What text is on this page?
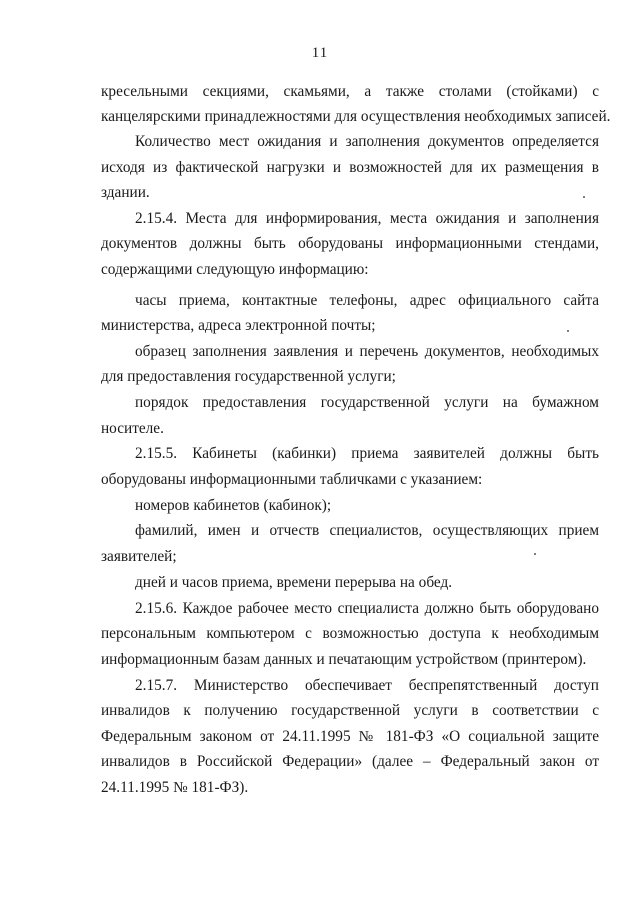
11
кресельными секциями, скамьями, а также столами (стойками) с
канцелярскими принадлежностями для осуществления необходимых записей.
Количество мест ожидания и заполнения документов определяется
исходя из фактической нагрузки и возможностей для их размещения в
здании.
2.15.4. Места для информирования, места ожидания и заполнения
документов должны быть оборудованы информационными стендами,
содержащими следующую информацию:
часы приема, контактные телефоны, адрес официального сайта
министерства, адреса электронной почты;
образец заполнения заявления и перечень документов, необходимых
для предоставления государственной услуги;
порядок предоставления государственной услуги на бумажном
носителе.
2.15.5. Кабинеты (кабинки) приема заявителей должны быть
оборудованы информационными табличками с указанием:
номеров кабинетов (кабинок);
фамилий, имен и отчеств специалистов, осуществляющих прием
заявителей;
дней и часов приема, времени перерыва на обед.
2.15.6. Каждое рабочее место специалиста должно быть оборудовано
персональным компьютером с возможностью доступа к необходимым
информационным базам данных и печатающим устройством (принтером).
2.15.7. Министерство обеспечивает беспрепятственный доступ
инвалидов к получению государственной услуги в соответствии с
Федеральным законом от 24.11.1995 № 181-ФЗ «О социальной защите
инвалидов в Российской Федерации» (далее – Федеральный закон от
24.11.1995 № 181-ФЗ).
